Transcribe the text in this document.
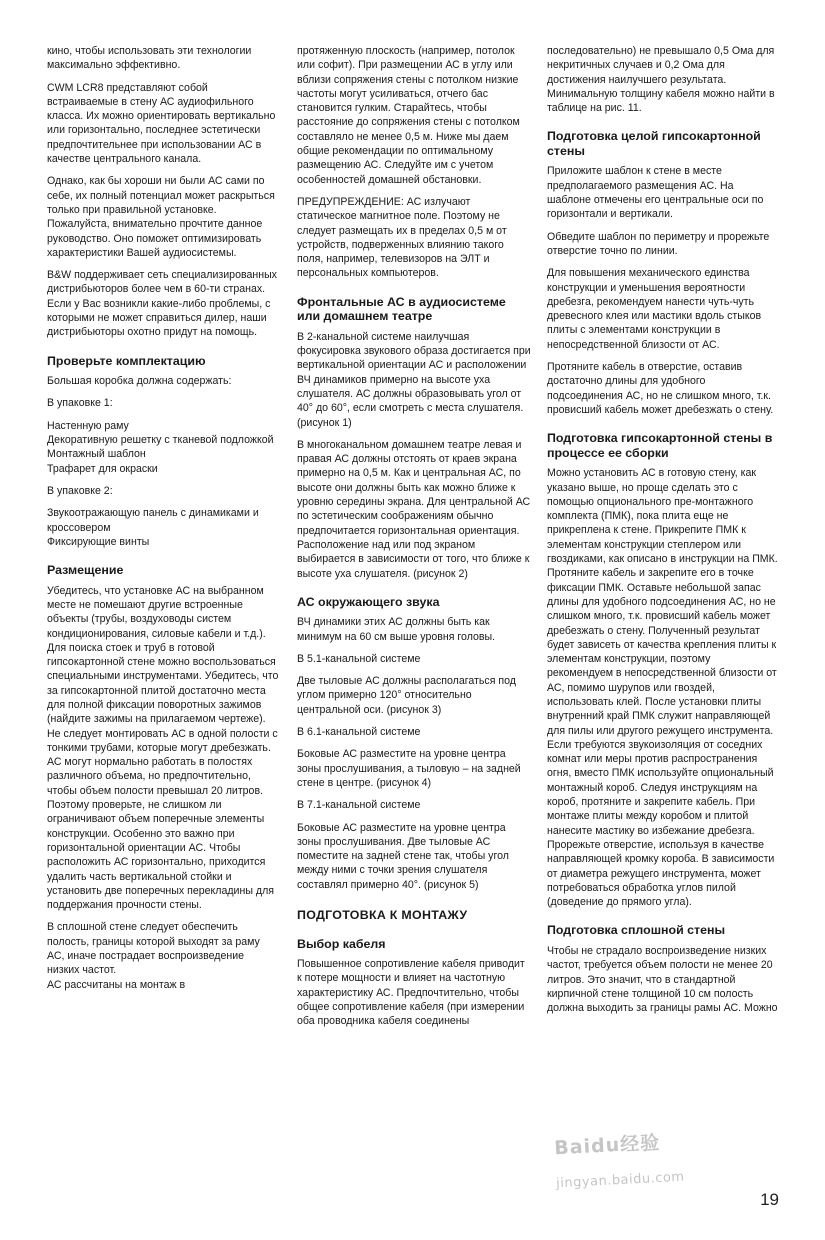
кино, чтобы использовать эти технологии максимально эффективно.

CWM LCR8 представляют собой встраиваемые в стену АС аудиофильного класса. Их можно ориентировать вертикально или горизонтально, последнее эстетически предпочтительнее при использовании АС в качестве центрального канала.

Однако, как бы хороши ни были АС сами по себе, их полный потенциал может раскрыться только при правильной установке. Пожалуйста, внимательно прочтите данное руководство. Оно поможет оптимизировать характеристики Вашей аудиосистемы.

B&W поддерживает сеть специализированных дистрибьюторов более чем в 60-ти странах. Если у Вас возникли какие-либо проблемы, с которыми не может справиться дилер, наши дистрибьюторы охотно придут на помощь.

Проверьте комплектацию

Большая коробка должна содержать:

В упаковке 1:

Настенную раму

Декоративную решетку с тканевой подложкой

Монтажный шаблон

Трафарет для окраски

В упаковке 2:

Звукоотражающую панель с динамиками и кроссовером

Фиксирующие винты

Размещение

Убедитесь, что установке АС на выбранном месте не помешают другие встроенные объекты (трубы, воздуховоды систем кондиционирования, силовые кабели и т.д.). Для поиска стоек и труб в готовой гипсокартонной стене можно воспользоваться специальными инструментами. Убедитесь, что за гипсокартонной плитой достаточно места для полной фиксации поворотных зажимов (найдите зажимы на прилагаемом чертеже). Не следует монтировать АС в одной полости с тонкими трубами, которые могут дребезжать. АС могут нормально работать в полостях различного объема, но предпочтительно, чтобы объем полости превышал 20 литров. Поэтому проверьте, не слишком ли ограничивают объем поперечные элементы конструкции. Особенно это важно при горизонтальной ориентации АС. Чтобы расположить АС горизонтально, приходится удалить часть вертикальной стойки и установить две поперечных перекладины для поддержания прочности стены.

В сплошной стене следует обеспечить полость, границы которой выходят за раму АС, иначе пострадает воспроизведение низких частот.

АС рассчитаны на монтаж в

протяженную плоскость (например, потолок или софит). При размещении АС в углу или вблизи сопряжения стены с потолком низкие частоты могут усиливаться, отчего бас становится гулким. Старайтесь, чтобы расстояние до сопряжения стены с потолком составляло не менее 0,5 м. Ниже мы даем общие рекомендации по оптимальному размещению АС. Следуйте им с учетом особенностей домашней обстановки.

ПРЕДУПРЕЖДЕНИЕ: АС излучают статическое магнитное поле. Поэтому не следует размещать их в пределах 0,5 м от устройств, подверженных влиянию такого поля, например, телевизоров на ЭЛТ и персональных компьютеров.

Фронтальные АС в аудиосистеме или домашнем театре

В 2-канальной системе наилучшая фокусировка звукового образа достигается при вертикальной ориентации АС и расположении ВЧ динамиков примерно на высоте уха слушателя. АС должны образовывать угол от 40° до 60°, если смотреть с места слушателя. (рисунок 1)

В многоканальном домашнем театре левая и правая АС должны отстоять от краев экрана примерно на 0,5 м. Как и центральная АС, по высоте они должны быть как можно ближе к уровню середины экрана. Для центральной АС по эстетическим соображениям обычно предпочитается горизонтальная ориентация. Расположение над или под экраном выбирается в зависимости от того, что ближе к высоте уха слушателя. (рисунок 2)

АС окружающего звука

ВЧ динамики этих АС должны быть как минимум на 60 см выше уровня головы.

В 5.1-канальной системе

Две тыловые АС должны располагаться под углом примерно 120° относительно центральной оси. (рисунок 3)

В 6.1-канальной системе

Боковые АС разместите на уровне центра зоны прослушивания, а тыловую – на задней стене в центре. (рисунок 4)

В 7.1-канальной системе

Боковые АС разместите на уровне центра зоны прослушивания. Две тыловые АС поместите на задней стене так, чтобы угол между ними с точки зрения слушателя составлял примерно 40°. (рисунок 5)

ПОДГОТОВКА К МОНТАЖУ
Выбор кабеля

Повышенное сопротивление кабеля приводит к потере мощности и влияет на частотную характеристику АС. Предпочтительно, чтобы общее сопротивление кабеля (при измерении оба проводника кабеля соединены

последовательно) не превышало 0,5 Ома для некритичных случаев и 0,2 Ома для достижения наилучшего результата. Минимальную толщину кабеля можно найти в таблице на рис. 11.

Подготовка целой гипсокартонной стены

Приложите шаблон к стене в месте предполагаемого размещения АС. На шаблоне отмечены его центральные оси по горизонтали и вертикали.

Обведите шаблон по периметру и прорежьте отверстие точно по линии.

Для повышения механического единства конструкции и уменьшения вероятности дребезга, рекомендуем нанести чуть-чуть древесного клея или мастики вдоль стыков плиты с элементами конструкции в непосредственной близости от АС.

Протяните кабель в отверстие, оставив достаточно длины для удобного подсоединения АС, но не слишком много, т.к. провисший кабель может дребезжать о стену.

Подготовка гипсокартонной стены в процессе ее сборки

Можно установить АС в готовую стену, как указано выше, но проще сделать это с помощью опционального пре-монтажного комплекта (ПМК), пока плита еще не прикреплена к стене. Прикрепите ПМК к элементам конструкции степлером или гвоздиками, как описано в инструкции на ПМК. Протяните кабель и закрепите его в точке фиксации ПМК. Оставьте небольшой запас длины для удобного подсоединения АС, но не слишком много, т.к. провисший кабель может дребезжать о стену. Полученный результат будет зависеть от качества крепления плиты к элементам конструкции, поэтому рекомендуем в непосредственной близости от АС, помимо шурупов или гвоздей, использовать клей. После установки плиты внутренний край ПМК служит направляющей для пилы или другого режущего инструмента. Если требуются звукоизоляция от соседних комнат или меры против распространения огня, вместо ПМК используйте опциональный монтажный короб. Следуя инструкциям на короб, протяните и закрепите кабель. При монтаже плиты между коробом и плитой нанесите мастику во избежание дребезга. Прорежьте отверстие, используя в качестве направляющей кромку короба. В зависимости от диаметра режущего инструмента, может потребоваться обработка углов пилой (доведение до прямого угла).

Подготовка сплошной стены

Чтобы не страдало воспроизведение низких частот, требуется объем полости не менее 20 литров. Это значит, что в стандартной кирпичной стене толщиной 10 см полость должна выходить за границы рамы АС. Можно

Baidu经验
jingyan.baidu.com
19
